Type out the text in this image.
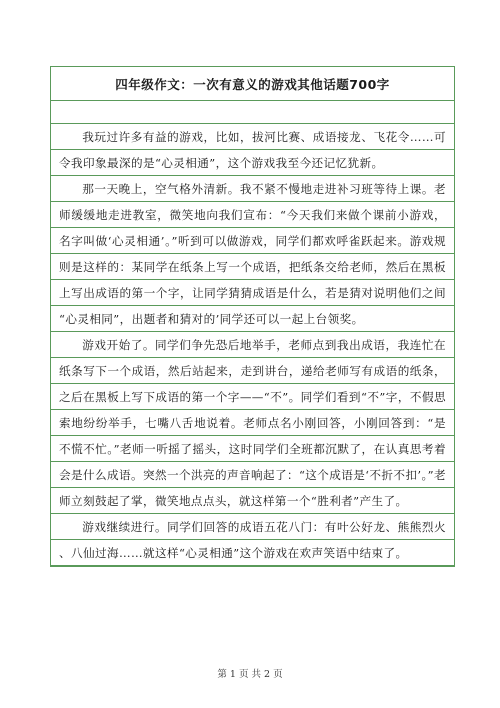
四年级作文：一次有意义的游戏其他话题700字

我玩过许多有益的游戏，比如，拔河比赛、成语接龙、飞花令……可令我印象最深的是“心灵相通”，这个游戏我至今还记忆犹新。

那一天晚上，空气格外清新。我不紧不慢地走进补习班等待上课。老师缓缓地走进教室，微笑地向我们宣布：“今天我们来做个课前小游戏，名字叫做‘心灵相通’。”听到可以做游戏，同学们都欢呼雀跃起来。游戏规则是这样的：某同学在纸条上写一个成语，把纸条交给老师，然后在黑板上写出成语的第一个字，让同学猜猜成语是什么，若是猜对说明他们之间“心灵相同”，出题者和猜对的’同学还可以一起上台领奖。

游戏开始了。同学们争先恐后地举手，老师点到我出成语，我连忙在纸条写下一个成语，然后站起来，走到讲台，递给老师写有成语的纸条，之后在黑板上写下成语的第一个字——“不”。同学们看到“不”字，不假思索地纷纷举手，七嘴八舌地说着。老师点名小刚回答，小刚回答到：“是不慌不忙。”老师一听摇了摇头，这时同学们全班都沉默了，在认真思考着会是什么成语。突然一个洪亮的声音响起了：“这个成语是‘不折不扣’。”老师立刻鼓起了掌，微笑地点点头，就这样第一个“胜利者”产生了。

游戏继续进行。同学们回答的成语五花八门：有叶公好龙、熊熊烈火、八仙过海……就这样“心灵相通”这个游戏在欢声笑语中结束了。

第 1 页 共 2 页
